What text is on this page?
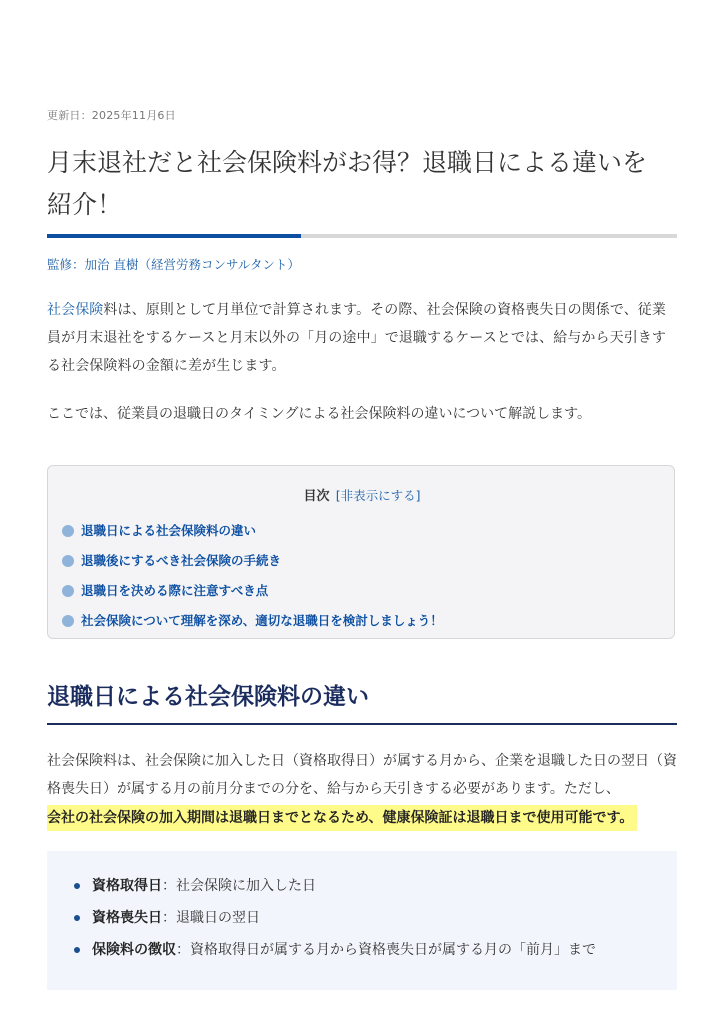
更新日：2025年11月6日
月末退社だと社会保険料がお得？退職日による違いを
紹介！
監修：加治 直樹（経営労務コンサルタント）

社会保険料は、原則として月単位で計算されます。その際、社会保険の資格喪失日の関係で、従業員が月末退社をするケースと月末以外の「月の途中」で退職するケースとでは、給与から天引きする社会保険料の金額に差が生じます。

ここでは、従業員の退職日のタイミングによる社会保険料の違いについて解説します。

目次 [非表示にする]
退職日による社会保険料の違い
退職後にするべき社会保険の手続き
退職日を決める際に注意すべき点
社会保険について理解を深め、適切な退職日を検討しましょう！
退職日による社会保険料の違い

社会保険料は、社会保険に加入した日（資格取得日）が属する月から、企業を退職した日の翌日（資格喪失日）が属する月の前月分までの分を、給与から天引きする必要があります。ただし、

会社の社会保険の加入期間は退職日までとなるため、健康保険証は退職日まで使用可能です。
資格取得日：社会保険に加入した日
資格喪失日：退職日の翌日
保険料の徴収：資格取得日が属する月から資格喪失日が属する月の「前月」まで
